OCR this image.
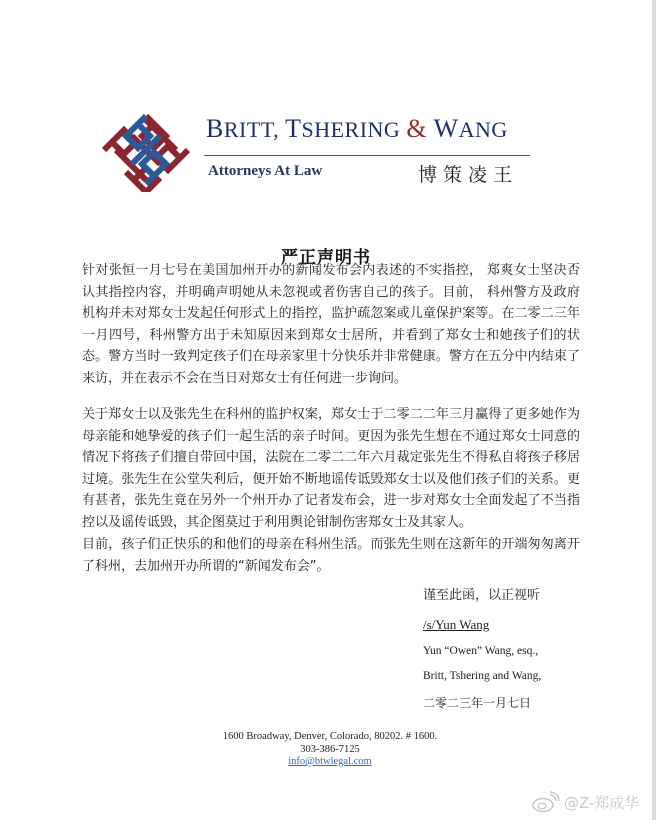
BRITT, TSHERING & WANG
Attorneys At Law	博策凌王
严正声明书
针对张恒一月七号在美国加州开办的新闻发布会内表述的不实指控， 郑爽女士坚决否认其指控内容，并明确声明她从未忽视或者伤害自己的孩子。目前， 科州警方及政府机构并未对郑女士发起任何形式上的指控，监护疏忽案或儿童保护案等。在二零二三年一月四号，科州警方出于未知原因来到郑女士居所，并看到了郑女士和她孩子们的状态。警方当时一致判定孩子们在母亲家里十分快乐并非常健康。警方在五分中内结束了来访，并在表示不会在当日对郑女士有任何进一步询问。
关于郑女士以及张先生在科州的监护权案，郑女士于二零二二年三月赢得了更多她作为母亲能和她挚爱的孩子们一起生活的亲子时间。更因为张先生想在不通过郑女士同意的情况下将孩子们擅自带回中国，法院在二零二二年六月裁定张先生不得私自将孩子移居过境。张先生在公堂失利后，便开始不断地谣传诋毁郑女士以及他们孩子们的关系。更有甚者，张先生竟在另外一个州开办了记者发布会，进一步对郑女士全面发起了不当指控以及谣传诋毁，其企图莫过于利用舆论钳制伤害郑女士及其家人。
目前，孩子们正快乐的和他们的母亲在科州生活。而张先生则在这新年的开端匆匆离开了科州，去加州开办所谓的“新闻发布会”。
谨至此函，以正视听
/s/Yun Wang
Yun “Owen” Wang, esq.,
Britt, Tshering and Wang,
二零二三年一月七日
1600 Broadway, Denver, Colorado, 80202. # 1600.
303-386-7125
info@btwlegal.com
@Z-郑成华
